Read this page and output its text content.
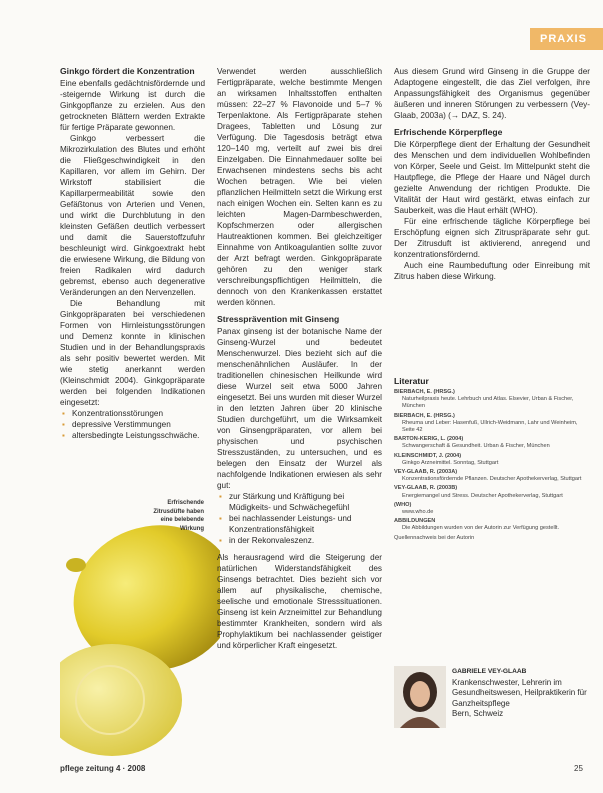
PRAXIS
Ginkgo fördert die Konzentration

Eine ebenfalls gedächtnisfördernde und -steigernde Wirkung ist durch die Ginkgopflanze zu erzielen. Aus den getrockneten Blättern werden Extrakte für fertige Präparate gewonnen.

Ginkgo verbessert die Mikrozirkulation des Blutes und erhöht die Fließgeschwindigkeit in den Kapillaren, vor allem im Gehirn. Der Wirkstoff stabilisiert die Kapillarpermeabilität sowie den Gefäßtonus von Arterien und Venen, und wirkt die Durchblutung in den kleinsten Gefäßen deutlich verbessert und damit die Sauerstoffzufuhr beschleunigt wird. Ginkgoextrakt hebt die erwiesene Wirkung, die Bildung von freien Radikalen wird dadurch gebremst, ebenso auch degenerative Veränderungen an den Nervenzellen.

Die Behandlung mit Ginkgopräparaten bei verschiedenen Formen von Hirnleistungsstörungen und Demenz konnte in klinischen Studien und in der Behandlungspraxis als sehr positiv bewertet werden. Mit wie stetig anerkannt werden (Kleinschmidt 2004). Ginkgopräparate werden bei folgenden Indikationen eingesetzt:

▪ Konzentrationsstörungen
▪ depressive Verstimmungen
▪ altersbedingte Leistungsschwäche.
Erfrischende Zitrusdüfte haben eine belebende Wirkung

Verwendet werden ausschließlich Fertigpräparate, welche bestimmte Mengen an wirksamen Inhaltsstoffen enthalten müssen: 22–27 % Flavonoide und 5–7 % Terpenlaktone. Als Fertigpräparate stehen Dragees, Tabletten und Lösung zur Verfügung. Die Tagesdosis beträgt etwa 120–140 mg, verteilt auf zwei bis drei Einzelgaben. Die Einnahmedauer sollte bei Erwachsenen mindestens sechs bis acht Wochen betragen. Wie bei vielen pflanzlichen Heilmitteln setzt die Wirkung erst nach einigen Wochen ein. Selten kann es zu leichten Magen-Darmbeschwerden, Kopfschmerzen oder allergischen Hautreaktionen kommen. Bei gleichzeitiger Einnahme von Antikoagulantien sollte zuvor der Arzt befragt werden. Ginkgopräparate gehören zu den weniger stark verschreibungspflichtigen Heilmitteln, die dennoch von den Krankenkassen erstattet werden können.

Stressprävention mit Ginseng

Panax ginseng ist der botanische Name der Ginseng-Wurzel und bedeutet Menschenwurzel. Dies bezieht sich auf die menschenähnlichen Ausläufer. In der traditionellen chinesischen Heilkunde wird diese Wurzel seit etwa 5000 Jahren eingesetzt. Bei uns wurden mit dieser Wurzel in den letzten Jahren über 20 klinische Studien durchgeführt, um die Wirksamkeit von Ginsengpräparaten, vor allem bei physischen und psychischen Stresszuständen, zu untersuchen, und es belegen den Einsatz der Wurzel als nachfolgende Indikationen erwiesen als sehr gut:

▪ zur Stärkung und Kräftigung bei Müdigkeits- und Schwächegefühl
▪ bei nachlassender Leistungs- und Konzentrationsfähigkeit
▪ in der Rekonvaleszenz.

Als herausragend wird die Steigerung der natürlichen Widerstandsfähigkeit des Ginsengs betrachtet. Dies bezieht sich vor allem auf physikalische, chemische, seelische und emotionale Stresssituationen. Ginseng ist kein Arzneimittel zur Behandlung bestimmter Krankheiten, sondern wird als Prophylaktikum bei nachlassender geistiger und körperlicher Kraft eingesetzt.

Aus diesem Grund wird Ginseng in die Gruppe der Adaptogene eingestellt, die das Ziel verfolgen, ihre Anpassungsfähigkeit des Organismus gegenüber äußeren und inneren Störungen zu verbessern (Vey-Glaab, 2003a) (→ DAZ, S. 24).

Erfrischende Körperpflege

Die Körperpflege dient der Erhaltung der Gesundheit des Menschen und dem individuellen Wohlbefinden von Körper, Seele und Geist. Im Mittelpunkt steht die Hautpflege, die Pflege der Haare und Nägel durch gezielte Anwendung der richtigen Produkte. Die Vitalität der Haut wird gestärkt, etwas einfach zur Sauberkeit, was die Haut erhält (WHO).

Für eine erfrischende tägliche Körperpflege bei Erschöpfung eignen sich Zitruspräparate sehr gut. Der Zitrusduft ist aktivierend, anregend und konzentrationsfördernd.

Auch eine Raumbeduftung oder Einreibung mit Zitrus haben diese Wirkung.

Literatur
BIERBACH, E. (HRSG.)
Naturheilpraxis heute. Lehrbuch und Atlas. Elsevier, Urban & Fischer, München
BIERBACH, E. (HRSG.)
Rheuma und Leber: Hasenfuß, Ullrich-Weidmann, Lahr und Weinheim, Seite 42
BARTON-KERIG, L. (2004)
Schwangerschaft & Gesundheit. Urban & Fischer, München
KLEINSCHMIDT, J. (2004)
Ginkgo Arzneimittel. Sonntag, Stuttgart
VEY-GLAAB, R. (2003A)
Konzentrationsfördernde Pflanzen. Deutscher Apothekerverlag, Stuttgart
VEY-GLAAB, R. (2003B)
Energiemangel und Stress. Deutscher Apothekerverlag, Stuttgart
(WHO)
www.who.de
ABBILDUNGEN
Die Abbildungen wurden von der Autorin zur Verfügung gestellt.
Quellennachweis bei der Autorin
GABRIELE VEY-GLAAB
Krankenschwester, Lehrerin im Gesundheitswesen, Heilpraktikerin für Ganzheitspflege
Bern, Schweiz
pflege zeitung 4 · 2008	25
